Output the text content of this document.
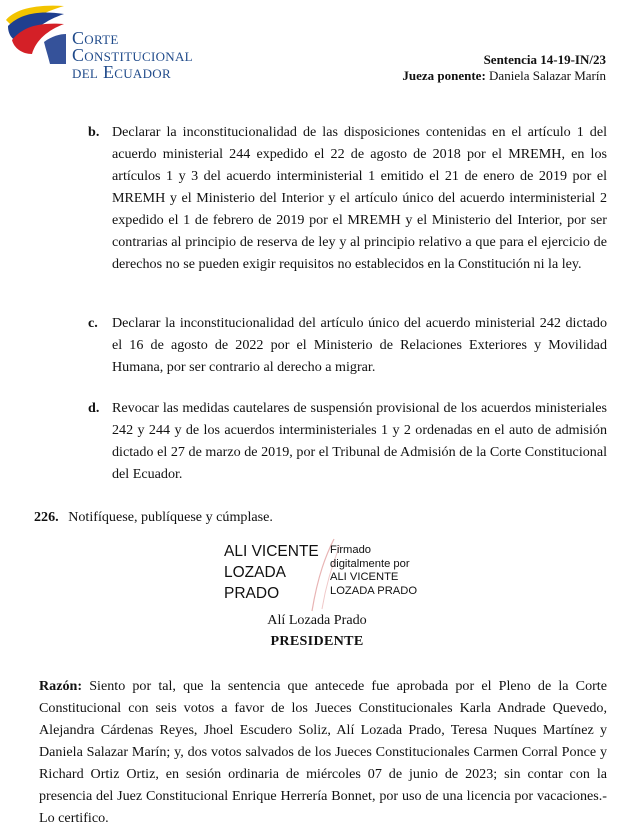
Corte
Constitucional
del Ecuador
Sentencia 14-19-IN/23
Jueza ponente: Daniela Salazar Marín
b. Declarar la inconstitucionalidad de las disposiciones contenidas en el artículo 1 del acuerdo ministerial 244 expedido el 22 de agosto de 2018 por el MREMH, en los artículos 1 y 3 del acuerdo interministerial 1 emitido el 21 de enero de 2019 por el MREMH y el Ministerio del Interior y el artículo único del acuerdo interministerial 2 expedido el 1 de febrero de 2019 por el MREMH y el Ministerio del Interior, por ser contrarias al principio de reserva de ley y al principio relativo a que para el ejercicio de derechos no se pueden exigir requisitos no establecidos en la Constitución ni la ley.
c. Declarar la inconstitucionalidad del artículo único del acuerdo ministerial 242 dictado el 16 de agosto de 2022 por el Ministerio de Relaciones Exteriores y Movilidad Humana, por ser contrario al derecho a migrar.
d. Revocar las medidas cautelares de suspensión provisional de los acuerdos ministeriales 242 y 244 y de los acuerdos interministeriales 1 y 2 ordenadas en el auto de admisión dictado el 27 de marzo de 2019, por el Tribunal de Admisión de la Corte Constitucional del Ecuador.
226. Notifíquese, publíquese y cúmplase.
ALI VICENTE
LOZADA
PRADO
Firmado
digitalmente por
ALI VICENTE
LOZADA PRADO
Alí Lozada Prado
PRESIDENTE
Razón: Siento por tal, que la sentencia que antecede fue aprobada por el Pleno de la Corte Constitucional con seis votos a favor de los Jueces Constitucionales Karla Andrade Quevedo, Alejandra Cárdenas Reyes, Jhoel Escudero Soliz, Alí Lozada Prado, Teresa Nuques Martínez y Daniela Salazar Marín; y, dos votos salvados de los Jueces Constitucionales Carmen Corral Ponce y Richard Ortiz Ortiz, en sesión ordinaria de miércoles 07 de junio de 2023; sin contar con la presencia del Juez Constitucional Enrique Herrería Bonnet, por uso de una licencia por vacaciones.- Lo certifico.
